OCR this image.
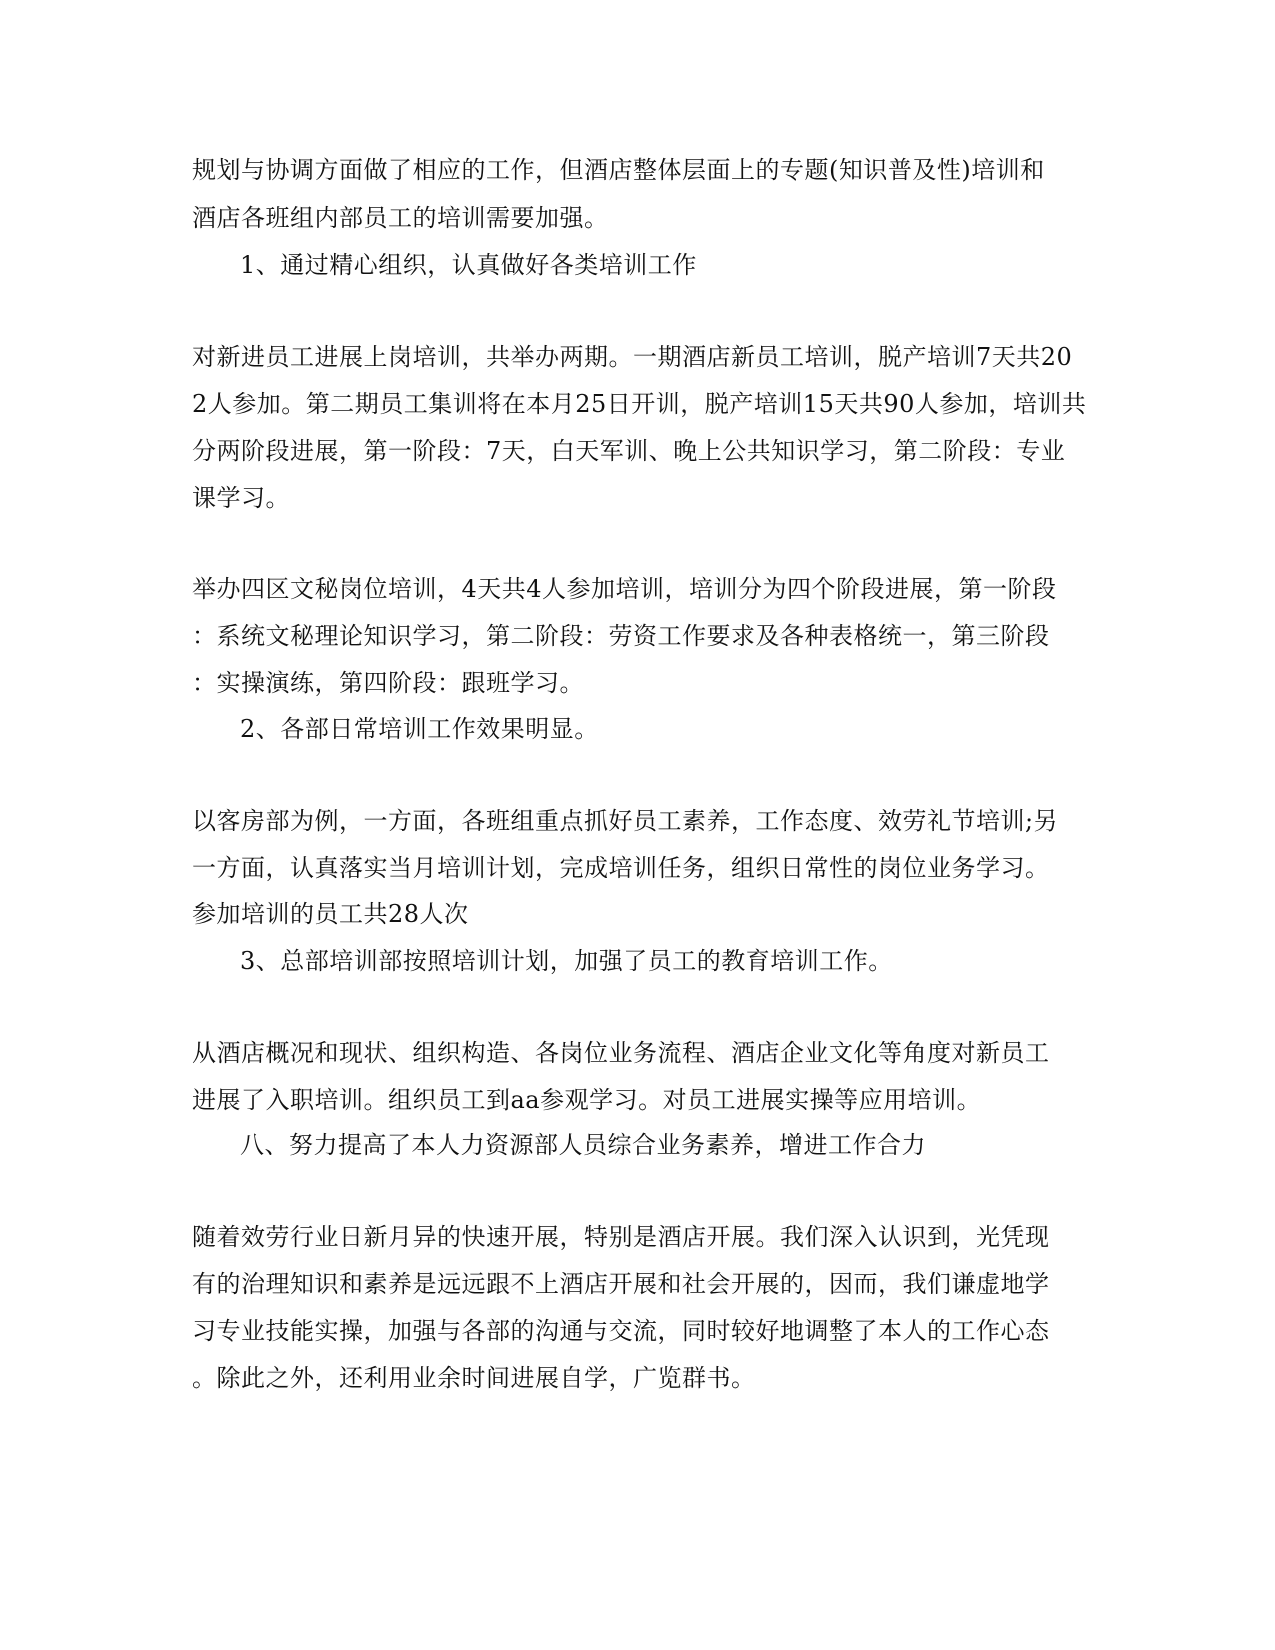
规划与协调方面做了相应的工作，但酒店整体层面上的专题(知识普及性)培训和
酒店各班组内部员工的培训需要加强。
1、通过精心组织，认真做好各类培训工作
对新进员工进展上岗培训，共举办两期。一期酒店新员工培训，脱产培训7天共20
2人参加。第二期员工集训将在本月25日开训，脱产培训15天共90人参加，培训共
分两阶段进展，第一阶段：7天，白天军训、晚上公共知识学习，第二阶段：专业
课学习。
举办四区文秘岗位培训，4天共4人参加培训，培训分为四个阶段进展，第一阶段
：系统文秘理论知识学习，第二阶段：劳资工作要求及各种表格统一，第三阶段
：实操演练，第四阶段：跟班学习。
2、各部日常培训工作效果明显。
以客房部为例，一方面，各班组重点抓好员工素养，工作态度、效劳礼节培训;另
一方面，认真落实当月培训计划，完成培训任务，组织日常性的岗位业务学习。
参加培训的员工共28人次
3、总部培训部按照培训计划，加强了员工的教育培训工作。
从酒店概况和现状、组织构造、各岗位业务流程、酒店企业文化等角度对新员工
进展了入职培训。组织员工到aa参观学习。对员工进展实操等应用培训。
八、努力提高了本人力资源部人员综合业务素养，增进工作合力
随着效劳行业日新月异的快速开展，特别是酒店开展。我们深入认识到，光凭现
有的治理知识和素养是远远跟不上酒店开展和社会开展的，因而，我们谦虚地学
习专业技能实操，加强与各部的沟通与交流，同时较好地调整了本人的工作心态
。除此之外，还利用业余时间进展自学，广览群书。
